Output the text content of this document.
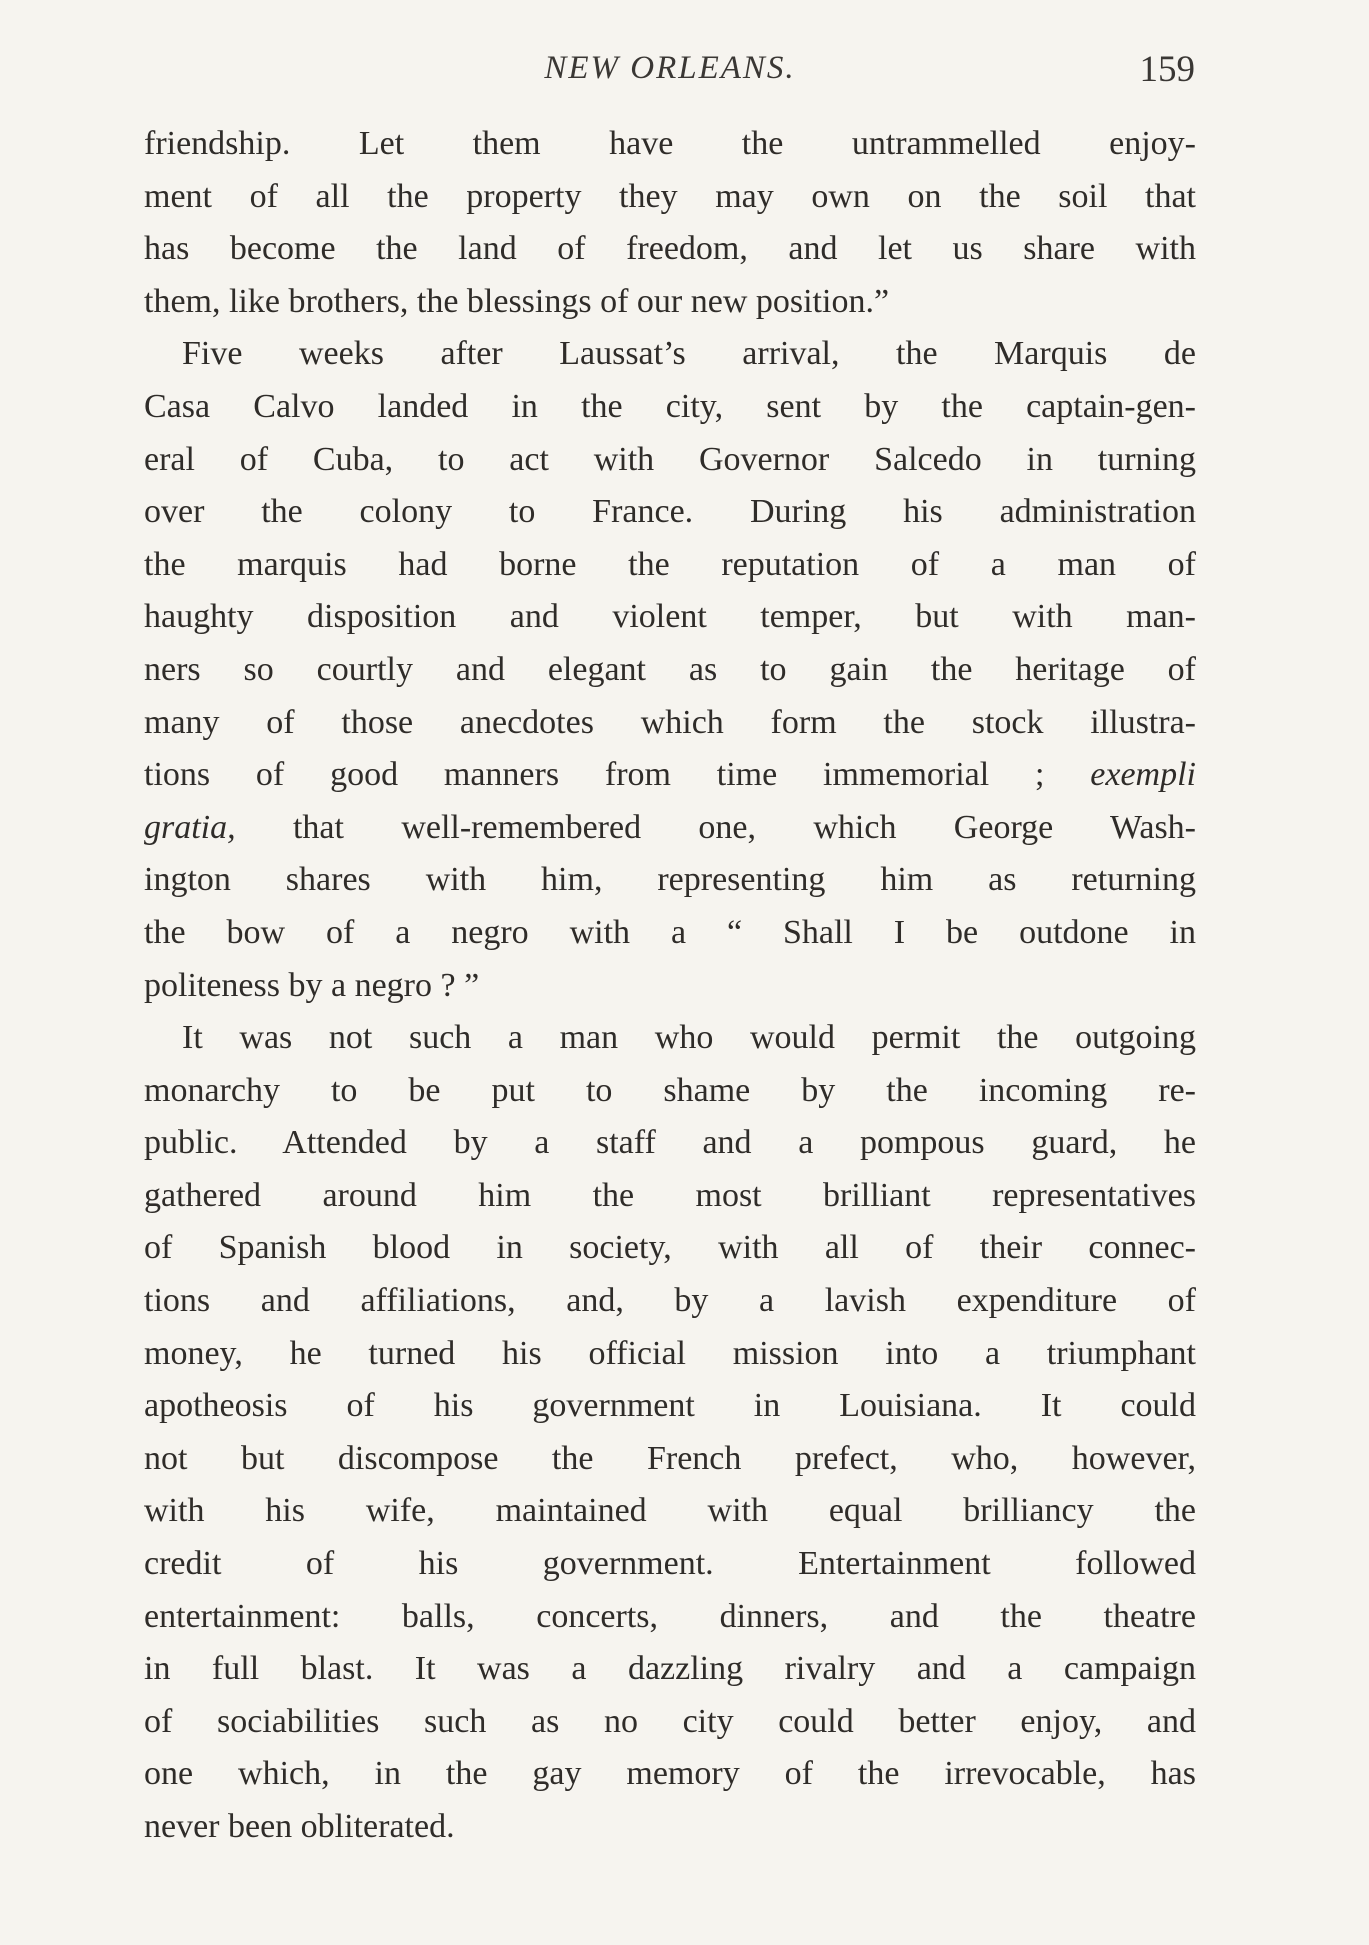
NEW ORLEANS.	159
friendship. Let them have the untrammelled enjoy-
ment of all the property they may own on the soil that
has become the land of freedom, and let us share with
them, like brothers, the blessings of our new position.”
Five weeks after Laussat’s arrival, the Marquis de
Casa Calvo landed in the city, sent by the captain-gen-
eral of Cuba, to act with Governor Salcedo in turning
over the colony to France. During his administration
the marquis had borne the reputation of a man of
haughty disposition and violent temper, but with man-
ners so courtly and elegant as to gain the heritage of
many of those anecdotes which form the stock illustra-
tions of good manners from time immemorial ; exempli
gratia, that well-remembered one, which George Wash-
ington shares with him, representing him as returning
the bow of a negro with a “ Shall I be outdone in
politeness by a negro ? ”
It was not such a man who would permit the outgoing
monarchy to be put to shame by the incoming re-
public. Attended by a staff and a pompous guard, he
gathered around him the most brilliant representatives
of Spanish blood in society, with all of their connec-
tions and affiliations, and, by a lavish expenditure of
money, he turned his official mission into a triumphant
apotheosis of his government in Louisiana. It could
not but discompose the French prefect, who, however,
with his wife, maintained with equal brilliancy the
credit of his government. Entertainment followed
entertainment: balls, concerts, dinners, and the theatre
in full blast. It was a dazzling rivalry and a campaign
of sociabilities such as no city could better enjoy, and
one which, in the gay memory of the irrevocable, has
never been obliterated.
